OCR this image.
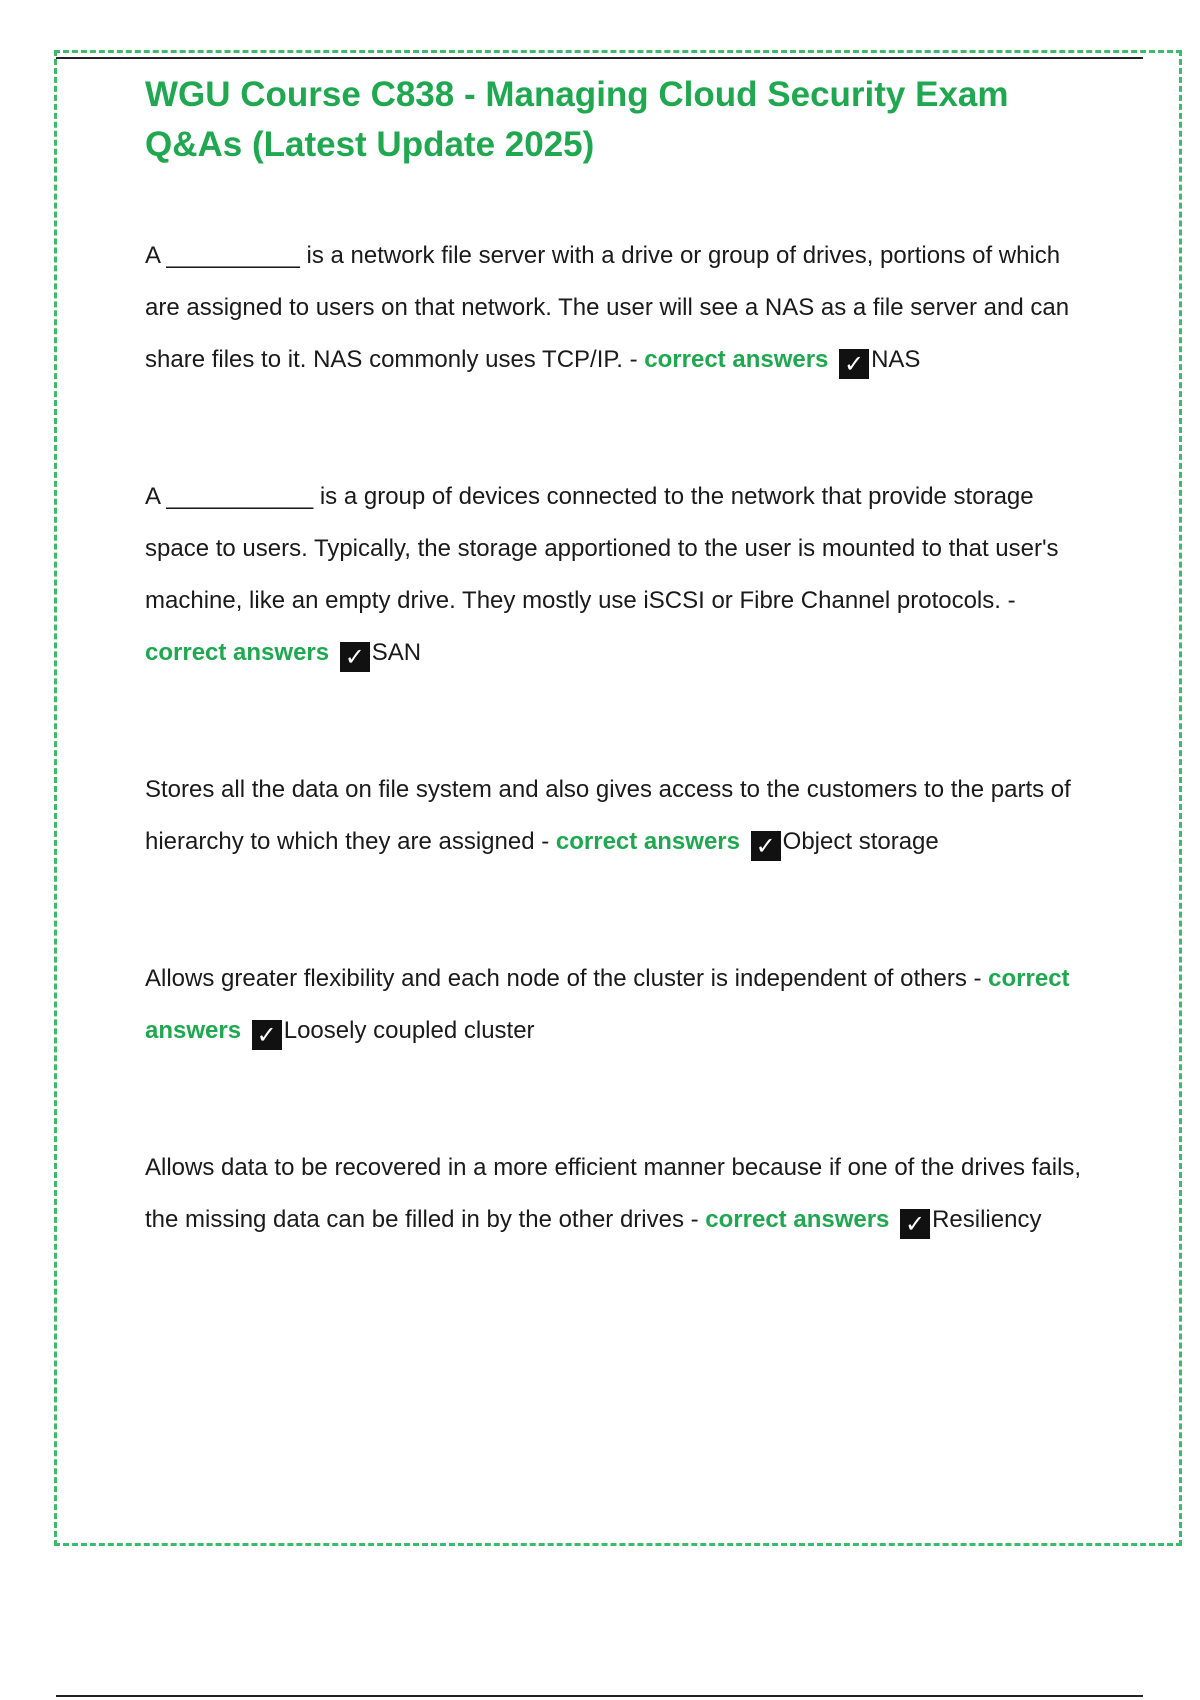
WGU Course C838 - Managing Cloud Security Exam Q&As (Latest Update 2025)
A __________ is a network file server with a drive or group of drives, portions of which are assigned to users on that network. The user will see a NAS as a file server and can share files to it. NAS commonly uses TCP/IP. - correct answers ✓ NAS
A ___________ is a group of devices connected to the network that provide storage space to users. Typically, the storage apportioned to the user is mounted to that user's machine, like an empty drive. They mostly use iSCSI or Fibre Channel protocols. - correct answers ✓ SAN
Stores all the data on file system and also gives access to the customers to the parts of hierarchy to which they are assigned - correct answers ✓ Object storage
Allows greater flexibility and each node of the cluster is independent of others - correct answers ✓ Loosely coupled cluster
Allows data to be recovered in a more efficient manner because if one of the drives fails, the missing data can be filled in by the other drives - correct answers ✓ Resiliency
